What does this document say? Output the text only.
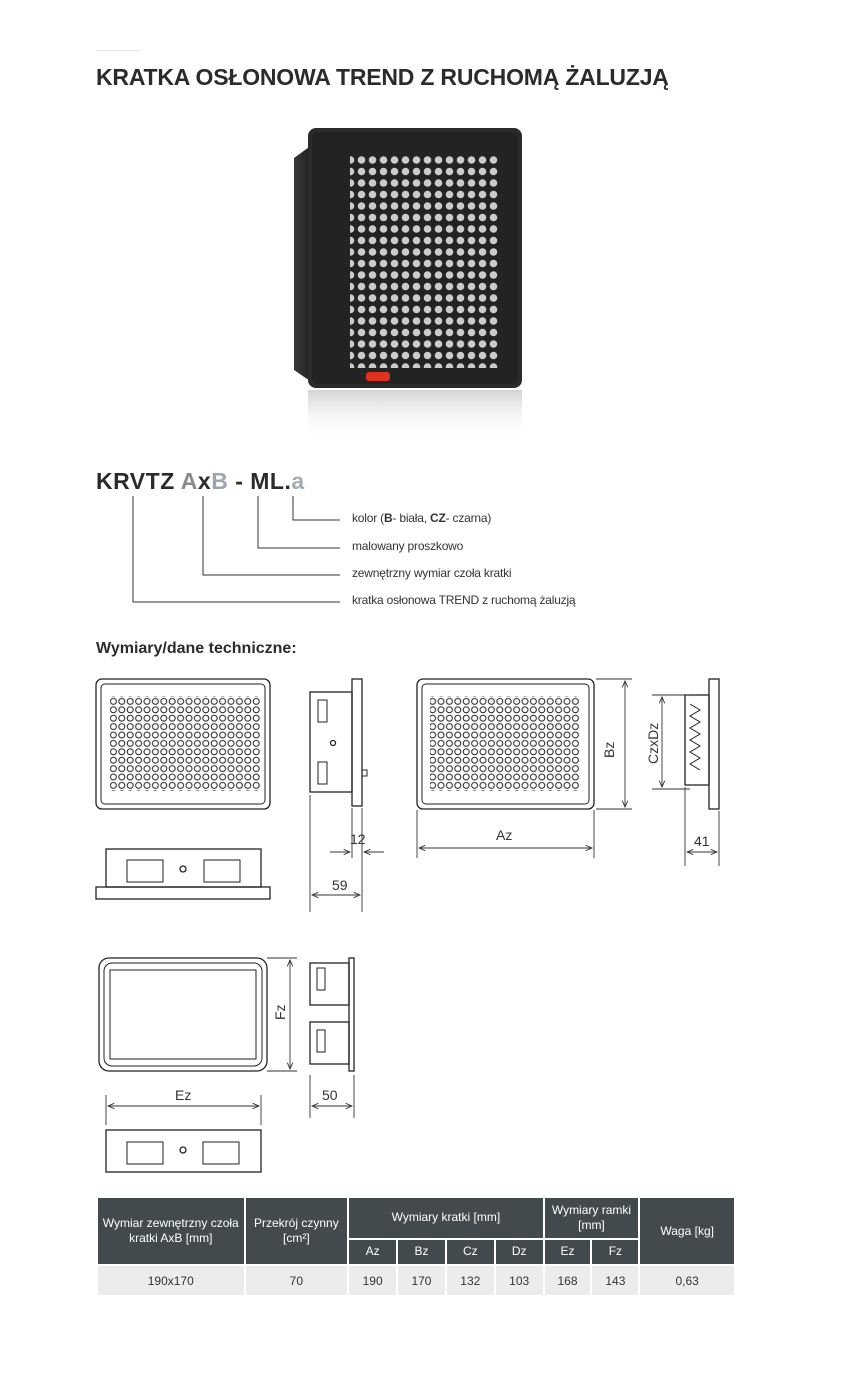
KRATKA OSŁONOWA TREND Z RUCHOMĄ ŻALUZJĄ
KRVTZ AxB - ML.a
kolor (B- biała, CZ- czarna)
malowany proszkowo
zewnętrzny wymiar czoła kratki
kratka osłonowa TREND z ruchomą żaluzją
Wymiary/dane techniczne:
12
59
Az
Bz CzxDz
41
Fz
Ez	50
Wymiar zewnętrzny czoła kratki AxB [mm]	Przekrój czynny [cm²]	Wymiary kratki [mm]				Wymiary ramki [mm]		Waga [kg]
		Az	Bz	Cz	Dz	Ez	Fz	
190x170	70	190	170	132	103	168	143	0,63
